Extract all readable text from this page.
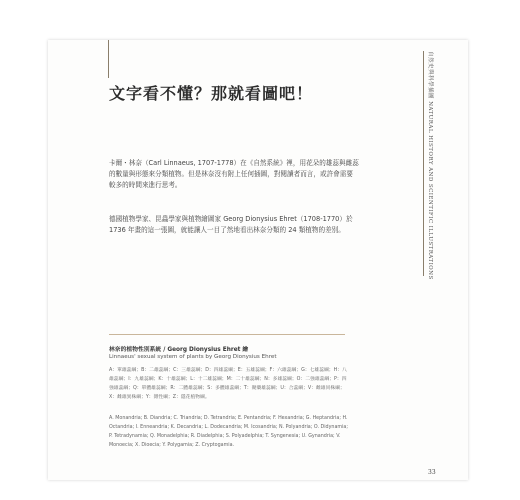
文字看不懂？那就看圖吧！
卡爾・林奈（Carl Linnaeus, 1707-1778）在《自然系統》裡，用花朵的雄蕊與雌蕊的數量與形態來分類植物。但是林奈沒有附上任何插圖，對閱讀者而言，或許會需要較多的時間來進行思考。
德國植物學家、昆蟲學家與植物繪圖家 Georg Dionysius Ehret（1708-1770）於 1736 年畫的這一張圖，就能讓人一目了然地看出林奈分類的 24 類植物的差別。
林奈的植物性別系統 / Georg Dionysius Ehret 繪
Linnaeus' sexual system of plants by Georg Dionysius Ehret
A：單雄蕊綱；B：二雄蕊綱；C：三雄蕊綱；D：四雄蕊綱；E：五雄蕊綱；F：六雄蕊綱；G：七雄蕊綱；H：八雄蕊綱；I：九雄蕊綱；K：十雄蕊綱；L：十二雄蕊綱；M：二十雄蕊綱；N：多雄蕊綱；O：二強雄蕊綱；P：四強雄蕊綱；Q：單體雄蕊綱；R：二體雄蕊綱；S：多體雄蕊綱；T：聚藥雄蕊綱；U：合蕊綱；V：雌雄同株綱；X：雌雄異株綱；Y：雜性綱；Z：隱花植物綱。
A. Monandria; B. Diandria; C. Triandria; D. Tetrandria; E. Pentandria; F. Hexandria; G. Heptandria; H. Octandria; I. Enneandria; K. Decandria; L. Dodecandria; M. Icosandria; N. Polyandria; O. Didynamia; P. Tetradynamia; Q. Monadelphia; R. Diadelphia; S. Polyadelphia; T. Syngenesia; U. Gynandria; V. Monoecia; X. Dioecia; Y. Polygamia; Z. Cryptogamia.
自然史與科學插圖 NATURAL HISTORY AND SCIENTIFIC ILLUSTRATIONS
33
